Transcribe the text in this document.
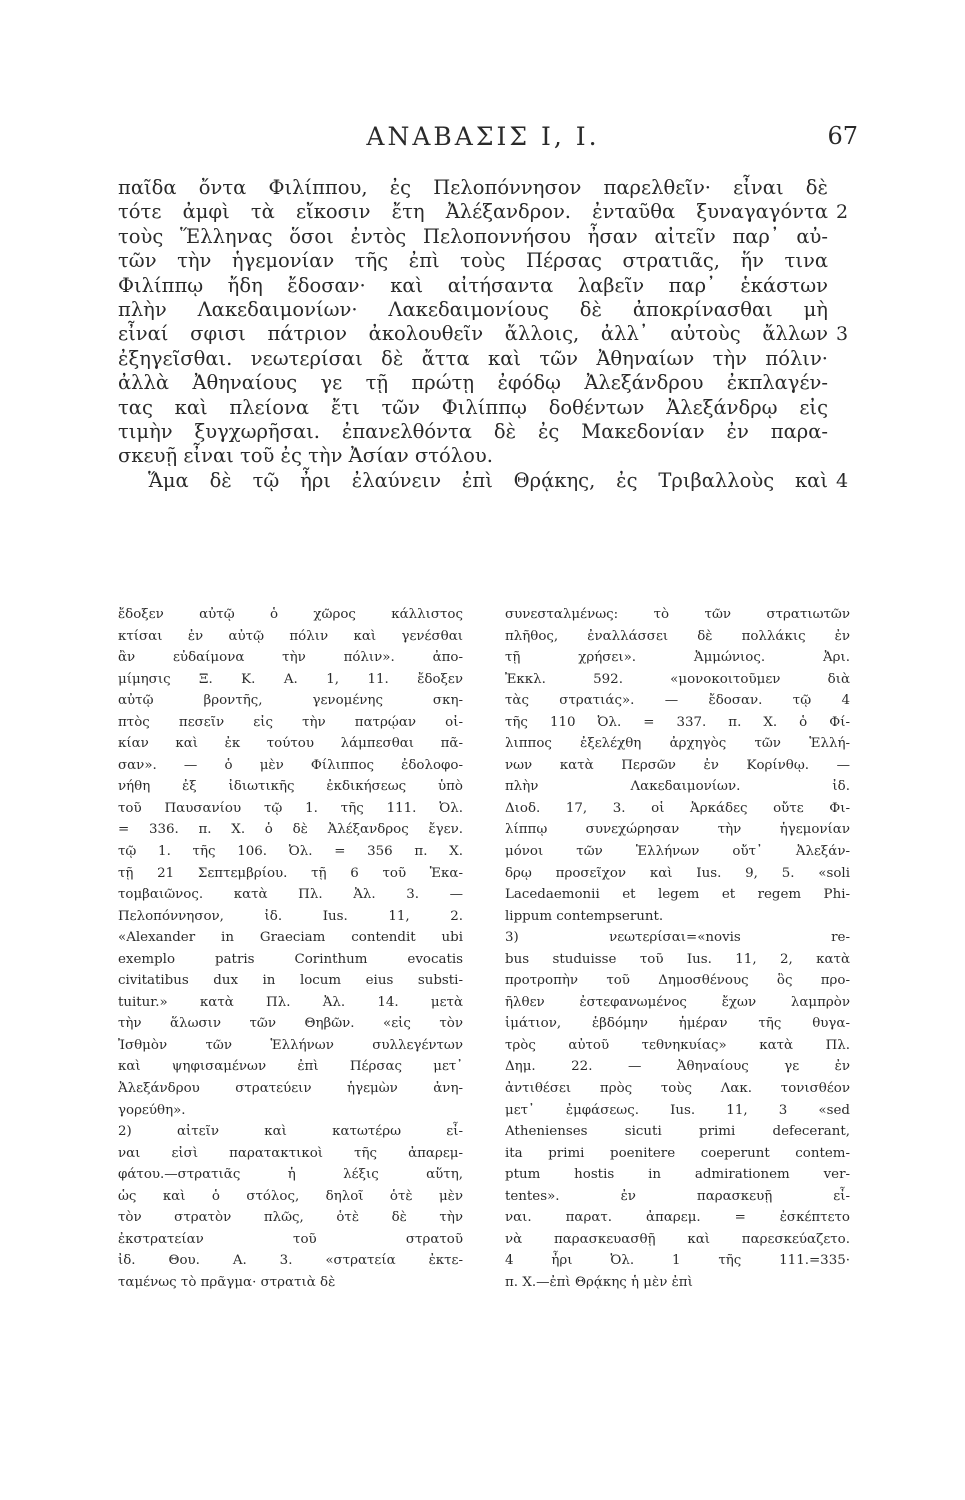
ΑΝΑΒΑΣΙΣ Ι, Ι.	67
παῖδα ὄντα Φιλίππου, ἐς Πελοπόννησον παρελθεῖν· εἶναι δὲ
τότε ἀμφὶ τὰ εἴκοσιν ἔτη Ἀλέξανδρον. ἐνταῦθα ξυναγαγόντα
τοὺς Ἕλληνας ὅσοι ἐντὸς Πελοποννήσου ἦσαν αἰτεῖν παρ᾽ αὐ-
τῶν τὴν ἡγεμονίαν τῆς ἐπὶ τοὺς Πέρσας στρατιᾶς, ἥν τινα
Φιλίππῳ ἤδη ἔδοσαν· καὶ αἰτήσαντα λαβεῖν παρ᾽ ἑκάστων
πλὴν Λακεδαιμονίων· Λακεδαιμονίους δὲ ἀποκρίνασθαι μὴ
εἶναί σφισι πάτριον ἀκολουθεῖν ἄλλοις, ἀλλ᾽ αὐτοὺς ἄλλων
ἐξηγεῖσθαι. νεωτερίσαι δὲ ἄττα καὶ τῶν Ἀθηναίων τὴν πόλιν·
ἀλλὰ Ἀθηναίους γε τῇ πρώτῃ ἐφόδῳ Ἀλεξάνδρου ἐκπλαγέν-
τας καὶ πλείονα ἔτι τῶν Φιλίππῳ δοθέντων Ἀλεξάνδρῳ εἰς
τιμὴν ξυγχωρῆσαι. ἐπανελθόντα δὲ ἐς Μακεδονίαν ἐν παρα-
σκευῇ εἶναι τοῦ ἐς τὴν Ἀσίαν στόλου.
Ἅμα δὲ τῷ ἦρι ἐλαύνειν ἐπὶ Θρᾴκης, ἐς Τριβαλλοὺς καὶ
2
3
4
ἔδοξεν αὐτῷ ὁ χῶρος κάλλιστος
κτίσαι ἐν αὐτῷ πόλιν καὶ γενέσθαι
ἂν εὐδαίμονα τὴν πόλιν». ἀπο-
μίμησις Ξ. Κ. Α. 1, 11. ἔδοξεν
αὐτῷ βροντῆς, γενομένης σκη-
πτὸς πεσεῖν εἰς τὴν πατρῴαν οἰ-
κίαν καὶ ἐκ τούτου λάμπεσθαι πᾶ-
σαν». — ὁ μὲν Φίλιππος ἐδολοφο-
νήθη ἐξ ἰδιωτικῆς ἐκδικήσεως ὑπὸ
τοῦ Παυσανίου τῷ 1. τῆς 111. Ὀλ.
= 336. π. Χ. ὁ δὲ Ἀλέξανδρος ἔγεν.
τῷ 1. τῆς 106. Ὀλ. = 356 π. Χ.
τῇ 21 Σεπτεμβρίου. τῇ 6 τοῦ Ἑκα-
τομβαιῶνος. κατὰ Πλ. Ἀλ. 3. —
Πελοπόννησον, ἰδ. Ius. 11, 2.
«Alexander in Graeciam contendit ubi
exemplo patris Corinthum evocatis
civitatibus dux in locum eius substi-
tuitur.» κατὰ Πλ. Ἀλ. 14. μετὰ
τὴν ἅλωσιν τῶν Θηβῶν. «εἰς τὸν
Ἰσθμὸν τῶν Ἑλλήνων συλλεγέντων
καὶ ψηφισαμένων ἐπὶ Πέρσας μετ᾽
Ἀλεξάνδρου στρατεύειν ἡγεμὼν ἀνη-
γορεύθη».
2) αἰτεῖν καὶ κατωτέρω εἶ-
ναι εἰσὶ παρατακτικοὶ τῆς ἀπαρεμ-
φάτου.—στρατιᾶς ἡ λέξις αὕτη,
ὡς καὶ ὁ στόλος, δηλοῖ ὁτὲ μὲν
τὸν στρατὸν πλῶς, ὁτὲ δὲ τὴν
ἐκστρατείαν τοῦ στρατοῦ
ἰδ. Θου. Α. 3. «στρατεία ἐκτε-
ταμένως τὸ πρᾶγμα· στρατιὰ δὲ
συνεσταλμένως: τὸ τῶν στρατιωτῶν
πλῆθος, ἐναλλάσσει δὲ πολλάκις ἐν
τῇ χρήσει». Ἀμμώνιος. Ἀρι.
Ἐκκλ. 592. «μονοκοιτοῦμεν διὰ
τὰς στρατιάς». — ἔδοσαν. τῷ 4
τῆς 110 Ὀλ. = 337. π. Χ. ὁ Φί-
λιππος ἐξελέχθη ἀρχηγὸς τῶν Ἑλλή-
νων κατὰ Περσῶν ἐν Κορίνθῳ. —
πλὴν Λακεδαιμονίων. ἰδ.
Διοδ. 17, 3. οἱ Ἀρκάδες οὔτε Φι-
λίππῳ συνεχώρησαν τὴν ἡγεμονίαν
μόνοι τῶν Ἑλλήνων οὔτ᾽ Ἀλεξάν-
δρῳ προσεῖχον καὶ Ius. 9, 5. «soli
Lacedaemonii et legem et regem Phi-
lippum contempserunt.
3) νεωτερίσαι=«novis re-
bus studuisse τοῦ Ius. 11, 2, κατὰ
προτροπὴν τοῦ Δημοσθένους ὃς προ-
ῆλθεν ἐστεφανωμένος ἔχων λαμπρὸν
ἱμάτιον, ἑβδόμην ἡμέραν τῆς θυγα-
τρὸς αὐτοῦ τεθνηκυίας» κατὰ Πλ.
Δημ. 22. — Ἀθηναίους γε ἐν
ἀντιθέσει πρὸς τοὺς Λακ. τονισθέον
μετ᾽ ἐμφάσεως. Ius. 11, 3 «sed
Athenienses sicuti primi defecerant,
ita primi poenitere coeperunt contem-
ptum hostis in admirationem ver-
tentes». ἐν παρασκευῇ εἶ-
ναι. παρατ. ἀπαρεμ. = ἐσκέπτετο
νὰ παρασκευασθῇ καὶ παρεσκεύαζετο.
4 ἦρι Ὀλ. 1 τῆς 111.=335·
π. Χ.—ἐπὶ Θρᾴκης ἡ μὲν ἐπὶ
